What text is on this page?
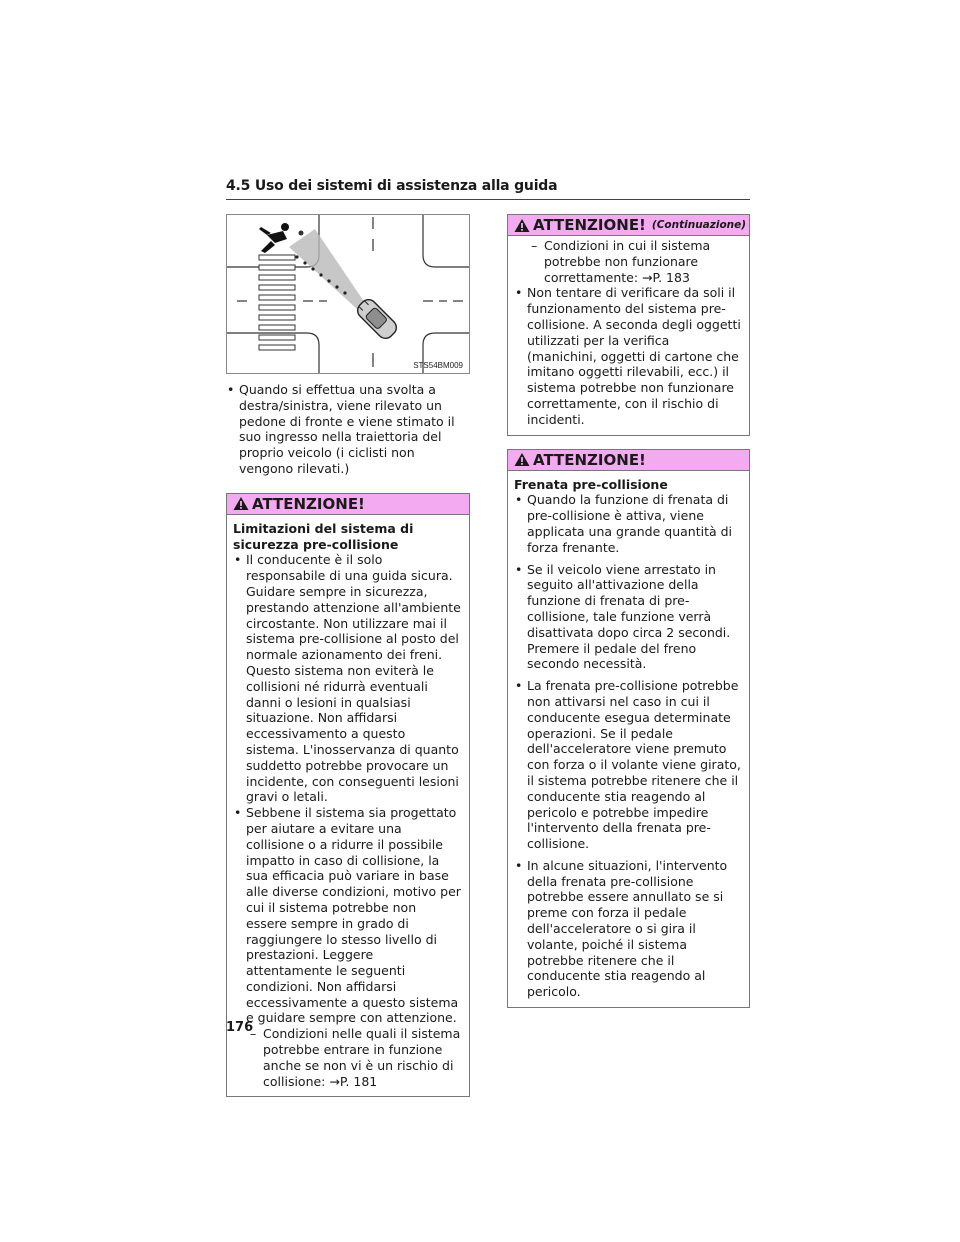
4.5 Uso dei sistemi di assistenza alla guida
STS54BM009
• Quando si effettua una svolta a destra/sinistra, viene rilevato un pedone di fronte e viene stimato il suo ingresso nella traiettoria del proprio veicolo (i ciclisti non vengono rilevati.)
ATTENZIONE!
Limitazioni del sistema di sicurezza pre-collisione
• Il conducente è il solo responsabile di una guida sicura. Guidare sempre in sicurezza, prestando attenzione all'ambiente circostante. Non utilizzare mai il sistema pre-collisione al posto del normale azionamento dei freni. Questo sistema non eviterà le collisioni né ridurrà eventuali danni o lesioni in qualsiasi situazione. Non affidarsi eccessivamento a questo sistema. L'inosservanza di quanto suddetto potrebbe provocare un incidente, con conseguenti lesioni gravi o letali.
• Sebbene il sistema sia progettato per aiutare a evitare una collisione o a ridurre il possibile impatto in caso di collisione, la sua efficacia può variare in base alle diverse condizioni, motivo per cui il sistema potrebbe non essere sempre in grado di raggiungere lo stesso livello di prestazioni. Leggere attentamente le seguenti condizioni. Non affidarsi eccessivamente a questo sistema e guidare sempre con attenzione.
– Condizioni nelle quali il sistema potrebbe entrare in funzione anche se non vi è un rischio di collisione: →P. 181
ATTENZIONE! (Continuazione)
– Condizioni in cui il sistema potrebbe non funzionare correttamente: →P. 183
• Non tentare di verificare da soli il funzionamento del sistema pre-collisione. A seconda degli oggetti utilizzati per la verifica (manichini, oggetti di cartone che imitano oggetti rilevabili, ecc.) il sistema potrebbe non funzionare correttamente, con il rischio di incidenti.
ATTENZIONE!
Frenata pre-collisione
• Quando la funzione di frenata di pre-collisione è attiva, viene applicata una grande quantità di forza frenante.
• Se il veicolo viene arrestato in seguito all'attivazione della funzione di frenata di pre-collisione, tale funzione verrà disattivata dopo circa 2 secondi. Premere il pedale del freno secondo necessità.
• La frenata pre-collisione potrebbe non attivarsi nel caso in cui il conducente esegua determinate operazioni. Se il pedale dell'acceleratore viene premuto con forza o il volante viene girato, il sistema potrebbe ritenere che il conducente stia reagendo al pericolo e potrebbe impedire l'intervento della frenata pre-collisione.
• In alcune situazioni, l'intervento della frenata pre-collisione potrebbe essere annullato se si preme con forza il pedale dell'acceleratore o si gira il volante, poiché il sistema potrebbe ritenere che il conducente stia reagendo al pericolo.
176
